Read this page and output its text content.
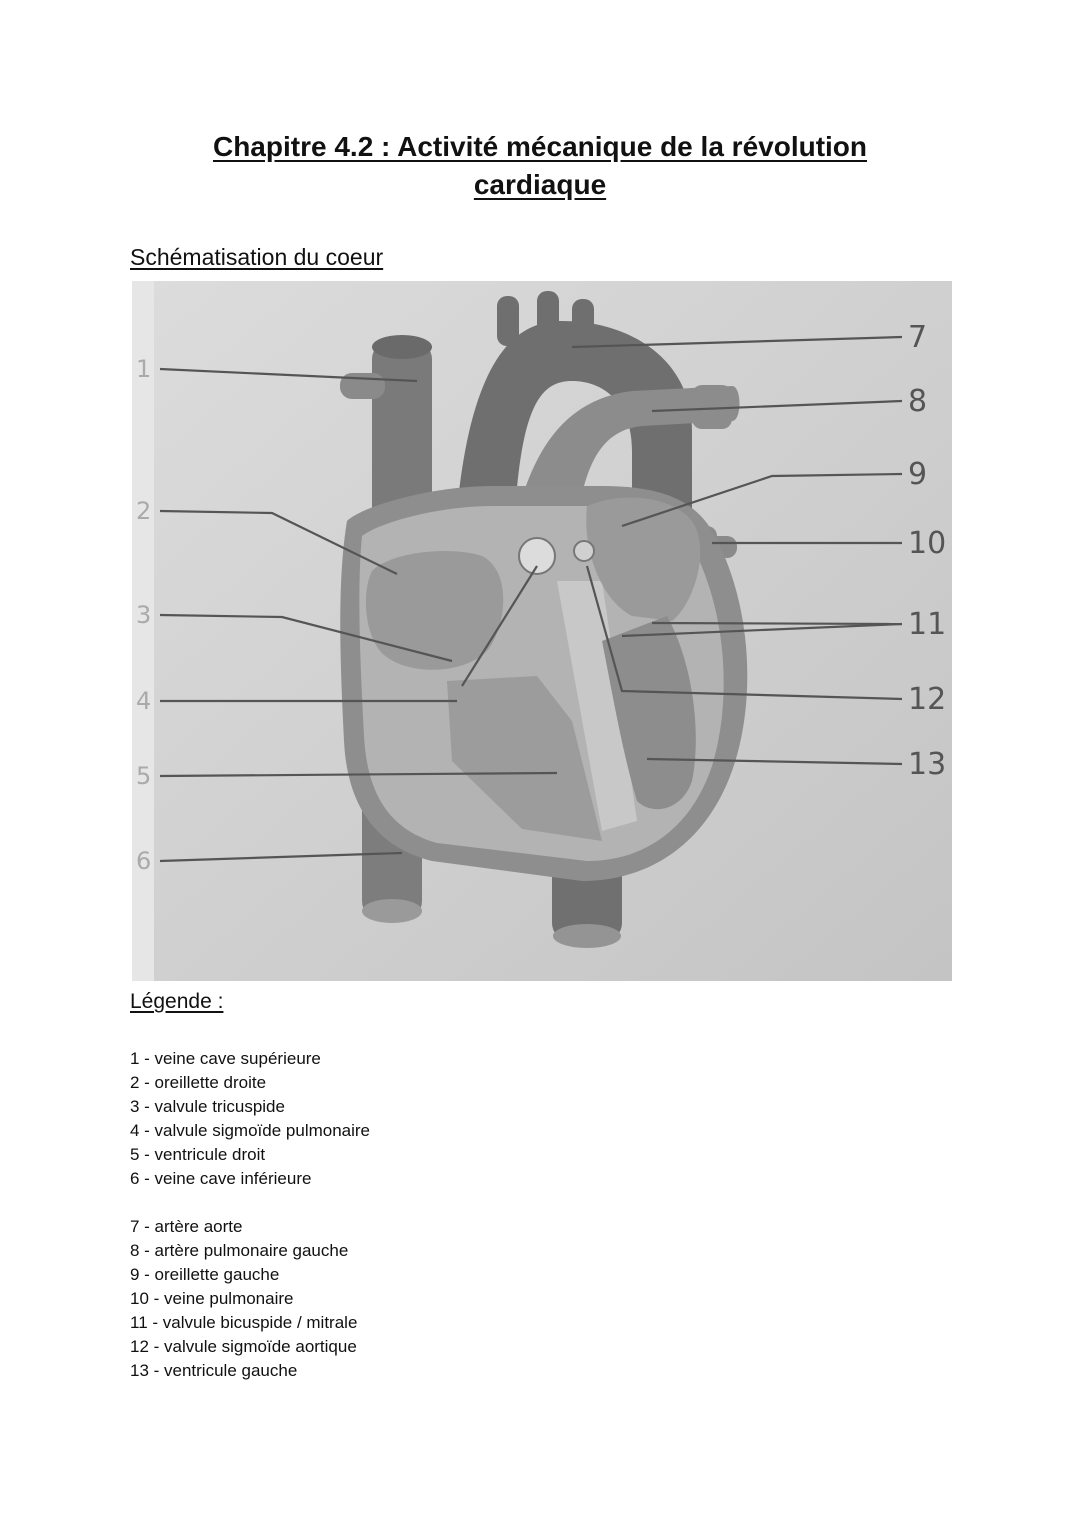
Chapitre 4.2 : Activité mécanique de la révolution
cardiaque
Schématisation du coeur
1
2
3
4
5
6
7
8
9
10
11
12
13
Légende :
1 - veine cave supérieure
2 - oreillette droite
3 - valvule tricuspide
4 - valvule sigmoïde pulmonaire
5 - ventricule droit
6 - veine cave inférieure
7 - artère aorte
8 - artère pulmonaire gauche
9 - oreillette gauche
10 - veine pulmonaire
11 - valvule bicuspide / mitrale
12 - valvule sigmoïde aortique
13 - ventricule gauche
